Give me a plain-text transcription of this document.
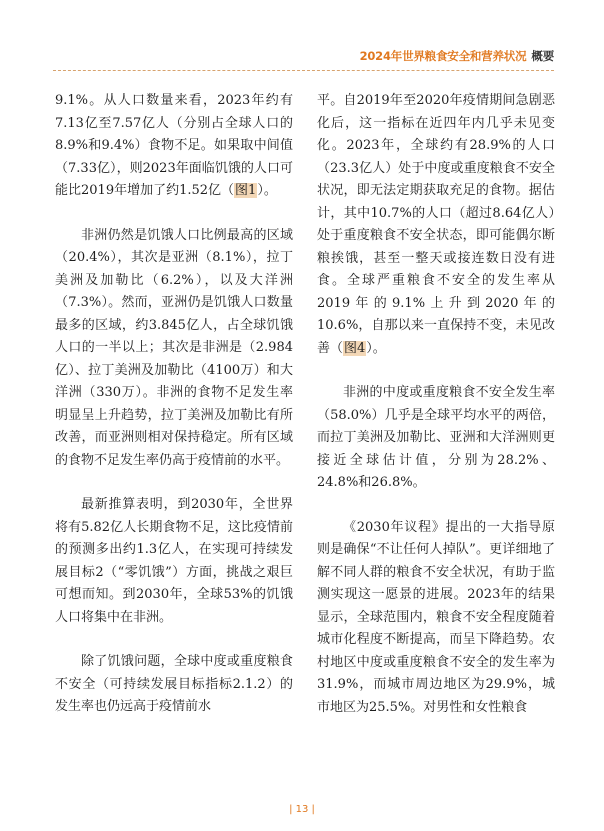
2024年世界粮食安全和营养状况 概要

9.1%。从人口数量来看，2023年约有7.13亿至7.57亿人（分别占全球人口的8.9%和9.4%）食物不足。如果取中间值（7.33亿），则2023年面临饥饿的人口可能比2019年增加了约1.52亿（图1）。

非洲仍然是饥饿人口比例最高的区域（20.4%），其次是亚洲（8.1%），拉丁美洲及加勒比（6.2%），以及大洋洲（7.3%）。然而，亚洲仍是饥饿人口数量最多的区域，约3.845亿人，占全球饥饿人口的一半以上；其次是非洲是（2.984亿）、拉丁美洲及加勒比（4100万）和大洋洲（330万）。非洲的食物不足发生率明显呈上升趋势，拉丁美洲及加勒比有所改善，而亚洲则相对保持稳定。所有区域的食物不足发生率仍高于疫情前的水平。

最新推算表明，到2030年，全世界将有5.82亿人长期食物不足，这比疫情前的预测多出约1.3亿人，在实现可持续发展目标2（“零饥饿”）方面，挑战之艰巨可想而知。到2030年，全球53%的饥饿人口将集中在非洲。

除了饥饿问题，全球中度或重度粮食不安全（可持续发展目标指标2.1.2）的发生率也仍远高于疫情前水

平。自2019年至2020年疫情期间急剧恶化后，这一指标在近四年内几乎未见变化。2023年，全球约有28.9%的人口（23.3亿人）处于中度或重度粮食不安全状况，即无法定期获取充足的食物。据估计，其中10.7%的人口（超过8.64亿人）处于重度粮食不安全状态，即可能偶尔断粮挨饿，甚至一整天或接连数日没有进食。全球严重粮食不安全的发生率从2019年的9.1%上升到2020年的10.6%，自那以来一直保持不变，未见改善（图4）。

非洲的中度或重度粮食不安全发生率（58.0%）几乎是全球平均水平的两倍，而拉丁美洲及加勒比、亚洲和大洋洲则更接近全球估计值，分别为28.2%、24.8%和26.8%。

《2030年议程》提出的一大指导原则是确保“不让任何人掉队”。更详细地了解不同人群的粮食不安全状况，有助于监测实现这一愿景的进展。2023年的结果显示，全球范围内，粮食不安全程度随着城市化程度不断提高，而呈下降趋势。农村地区中度或重度粮食不安全的发生率为31.9%，而城市周边地区为29.9%，城市地区为25.5%。对男性和女性粮食

| 13 |
